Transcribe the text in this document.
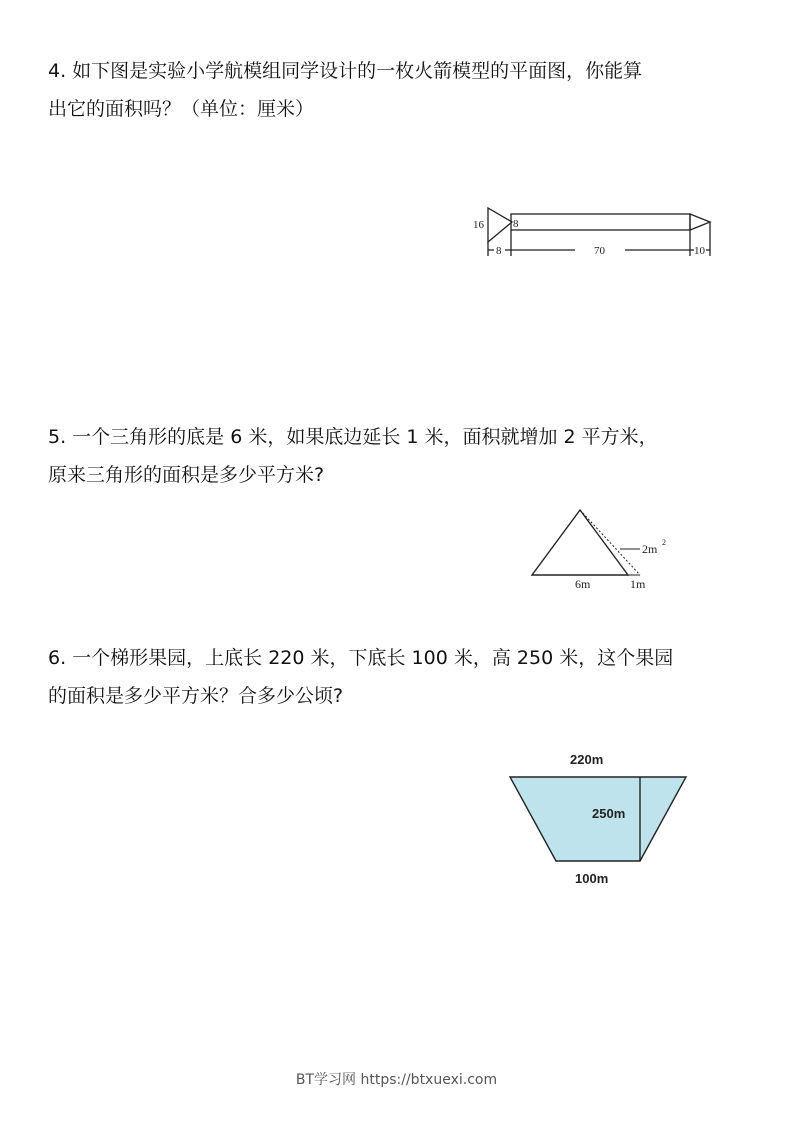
4. 如下图是实验小学航模组同学设计的一枚火箭模型的平面图，你能算
出它的面积吗？（单位：厘米）
16	8
8	70	10
5. 一个三角形的底是 6 米，如果底边延长 1 米，面积就增加 2 平方米，
原来三角形的面积是多少平方米?
6m	1m
2m 2
6. 一个梯形果园，上底长 220 米，下底长 100 米，高 250 米，这个果园
的面积是多少平方米？合多少公顷?
220m
250m
100m
BT学习网 https://btxuexi.com
